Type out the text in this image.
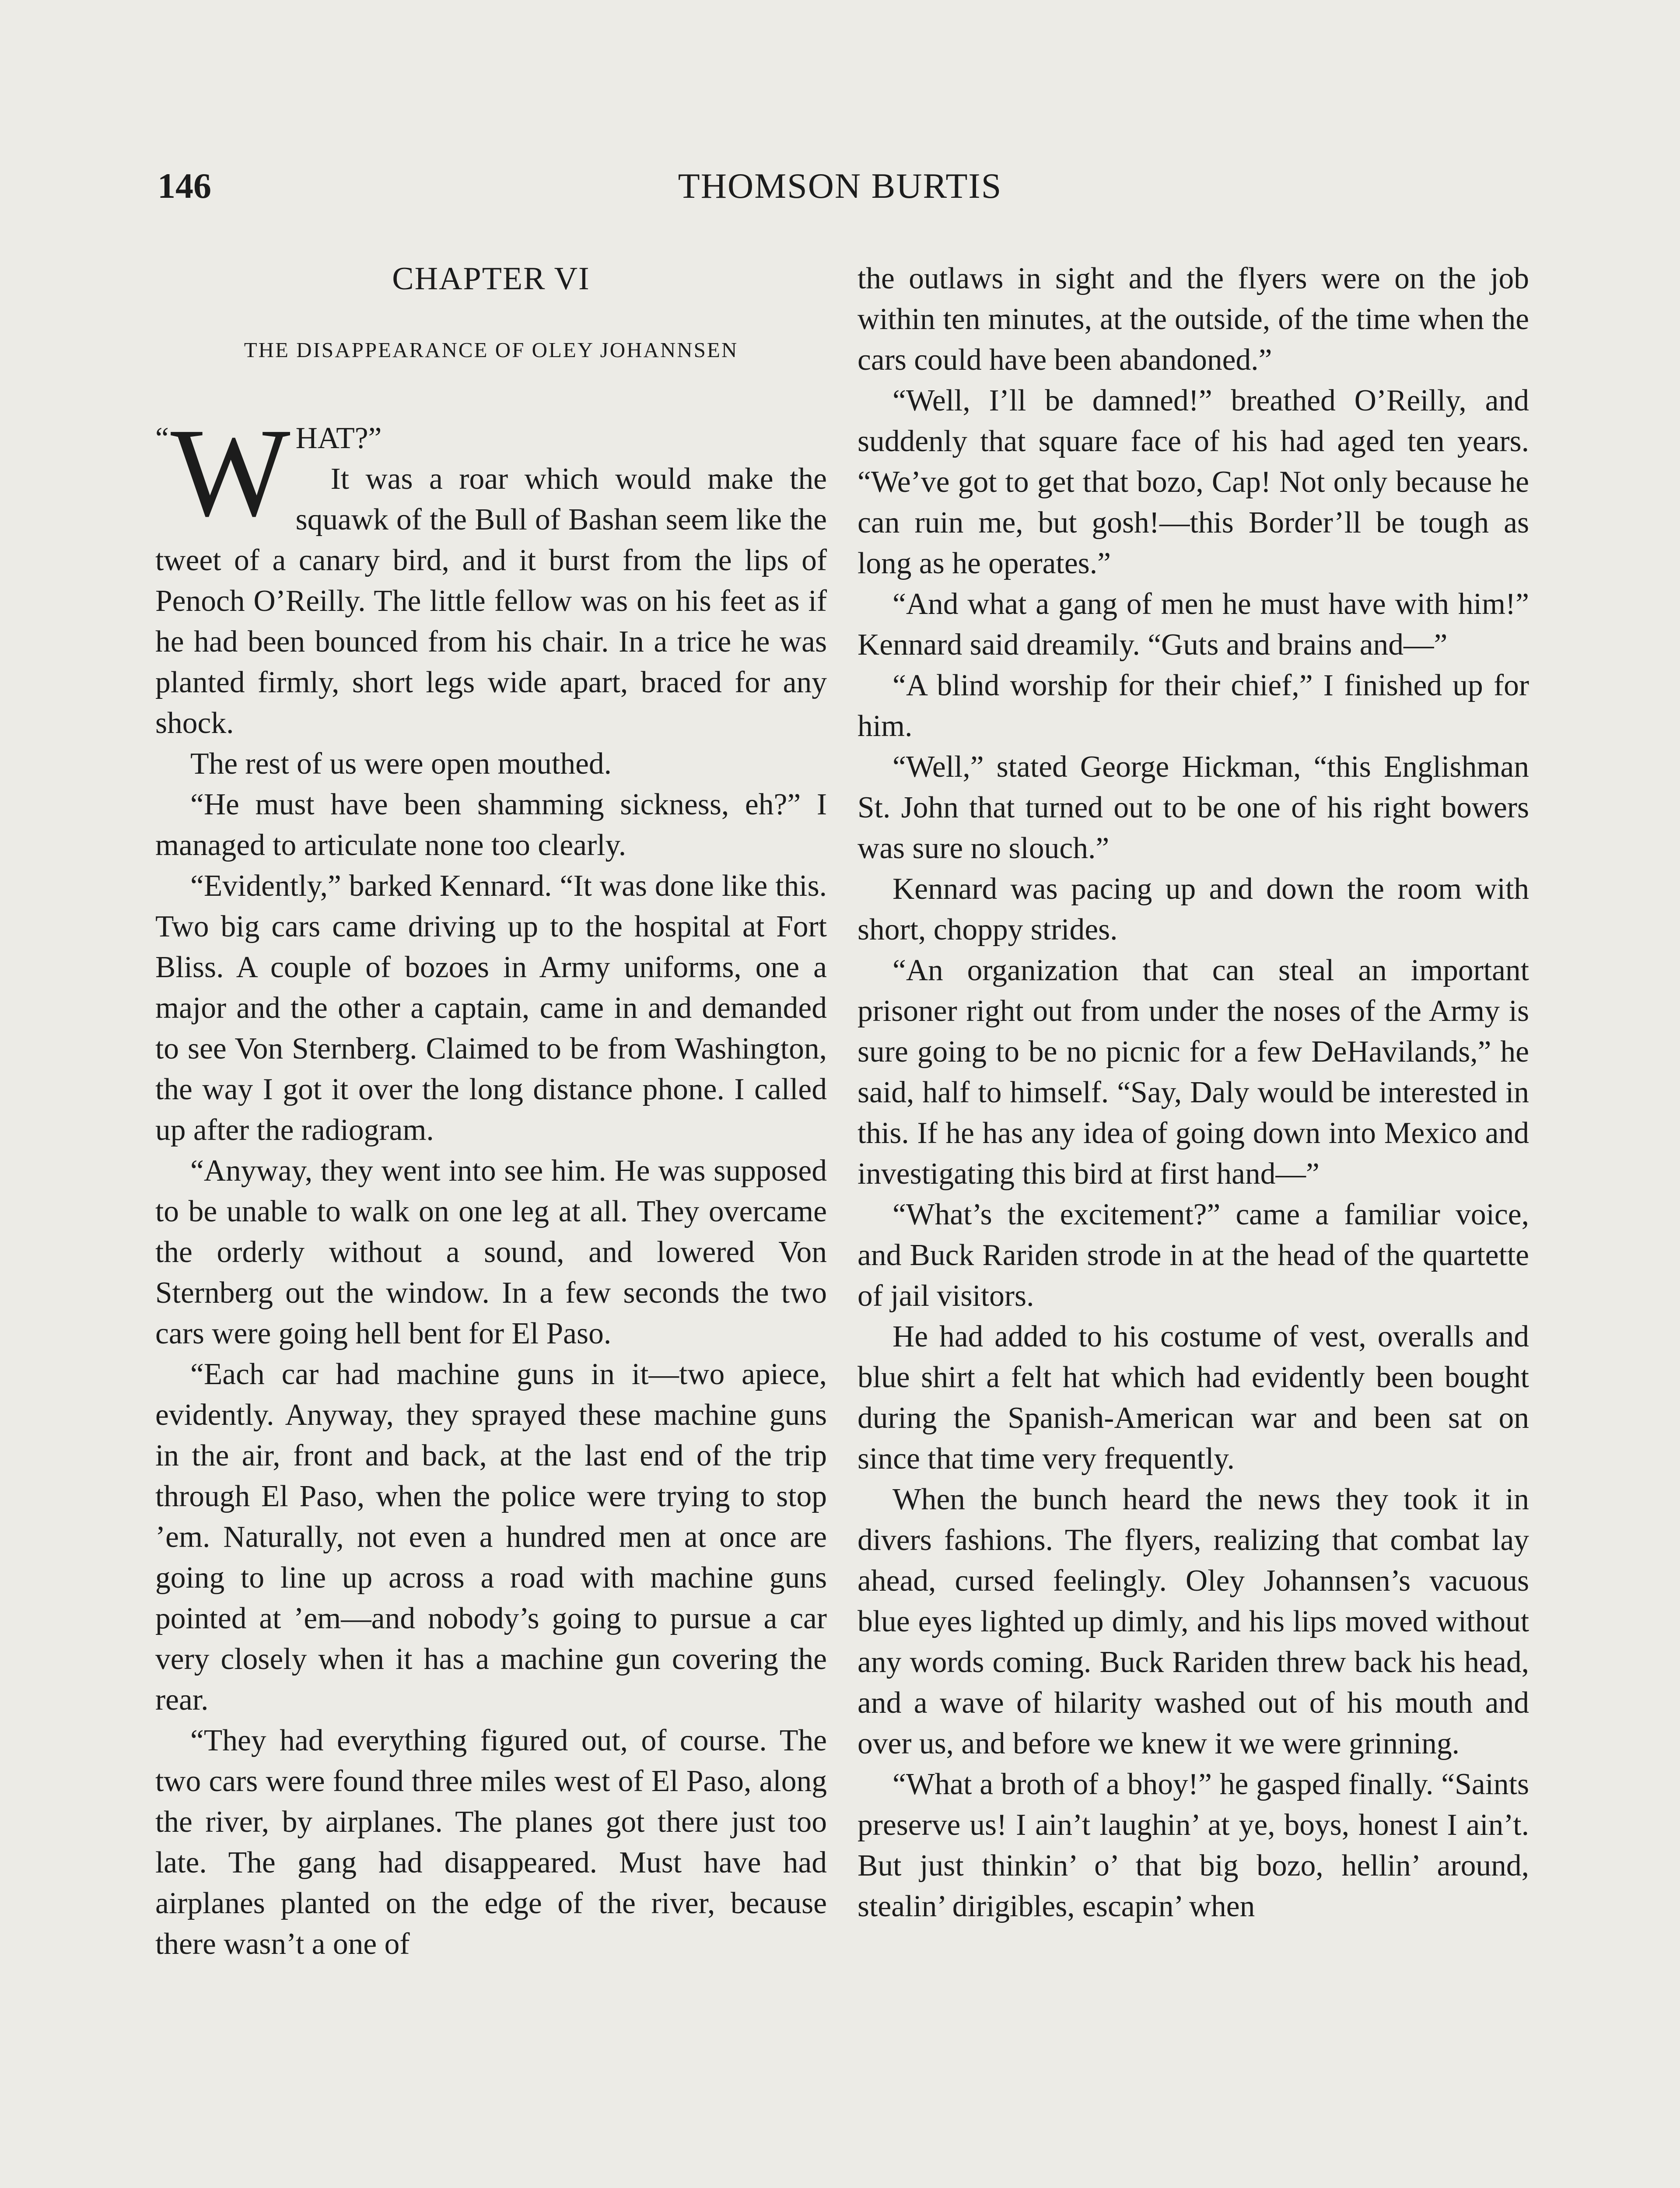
146	THOMSON BURTIS
CHAPTER VI
THE DISAPPEARANCE OF OLEY JOHANNSEN
“ W HAT?”

It was a roar which would make the squawk of the Bull of Bashan seem like the tweet of a canary bird, and it burst from the lips of Penoch O’Reilly. The little fellow was on his feet as if he had been bounced from his chair. In a trice he was planted firmly, short legs wide apart, braced for any shock.

The rest of us were open mouthed.

“He must have been shamming sickness, eh?” I managed to articulate none too clearly.

“Evidently,” barked Kennard. “It was done like this. Two big cars came driving up to the hospital at Fort Bliss. A couple of bozoes in Army uniforms, one a major and the other a captain, came in and demanded to see Von Sternberg. Claimed to be from Washington, the way I got it over the long distance phone. I called up after the radiogram.

“Anyway, they went into see him. He was supposed to be unable to walk on one leg at all. They overcame the orderly without a sound, and lowered Von Sternberg out the window. In a few seconds the two cars were going hell bent for El Paso.

“Each car had machine guns in it—two apiece, evidently. Anyway, they sprayed these machine guns in the air, front and back, at the last end of the trip through El Paso, when the police were trying to stop ’em. Naturally, not even a hundred men at once are going to line up across a road with machine guns pointed at ’em—and nobody’s going to pursue a car very closely when it has a machine gun covering the rear.

“They had everything figured out, of course. The two cars were found three miles west of El Paso, along the river, by airplanes. The planes got there just too late. The gang had disappeared. Must have had airplanes planted on the edge of the river, because there wasn’t a one of

the outlaws in sight and the flyers were on the job within ten minutes, at the outside, of the time when the cars could have been abandoned.”

“Well, I’ll be damned!” breathed O’Reilly, and suddenly that square face of his had aged ten years. “We’ve got to get that bozo, Cap! Not only because he can ruin me, but gosh!—this Border’ll be tough as long as he operates.”

“And what a gang of men he must have with him!” Kennard said dreamily. “Guts and brains and—”

“A blind worship for their chief,” I finished up for him.

“Well,” stated George Hickman, “this Englishman St. John that turned out to be one of his right bowers was sure no slouch.”

Kennard was pacing up and down the room with short, choppy strides.

“An organization that can steal an important prisoner right out from under the noses of the Army is sure going to be no picnic for a few DeHavilands,” he said, half to himself. “Say, Daly would be interested in this. If he has any idea of going down into Mexico and investigating this bird at first hand—”

“What’s the excitement?” came a familiar voice, and Buck Rariden strode in at the head of the quartette of jail visitors.

He had added to his costume of vest, overalls and blue shirt a felt hat which had evidently been bought during the Spanish-American war and been sat on since that time very frequently.

When the bunch heard the news they took it in divers fashions. The flyers, realizing that combat lay ahead, cursed feelingly. Oley Johannsen’s vacuous blue eyes lighted up dimly, and his lips moved without any words coming. Buck Rariden threw back his head, and a wave of hilarity washed out of his mouth and over us, and before we knew it we were grinning.

“What a broth of a bhoy!” he gasped finally. “Saints preserve us! I ain’t laughin’ at ye, boys, honest I ain’t. But just thinkin’ o’ that big bozo, hellin’ around, stealin’ dirigibles, escapin’ when
